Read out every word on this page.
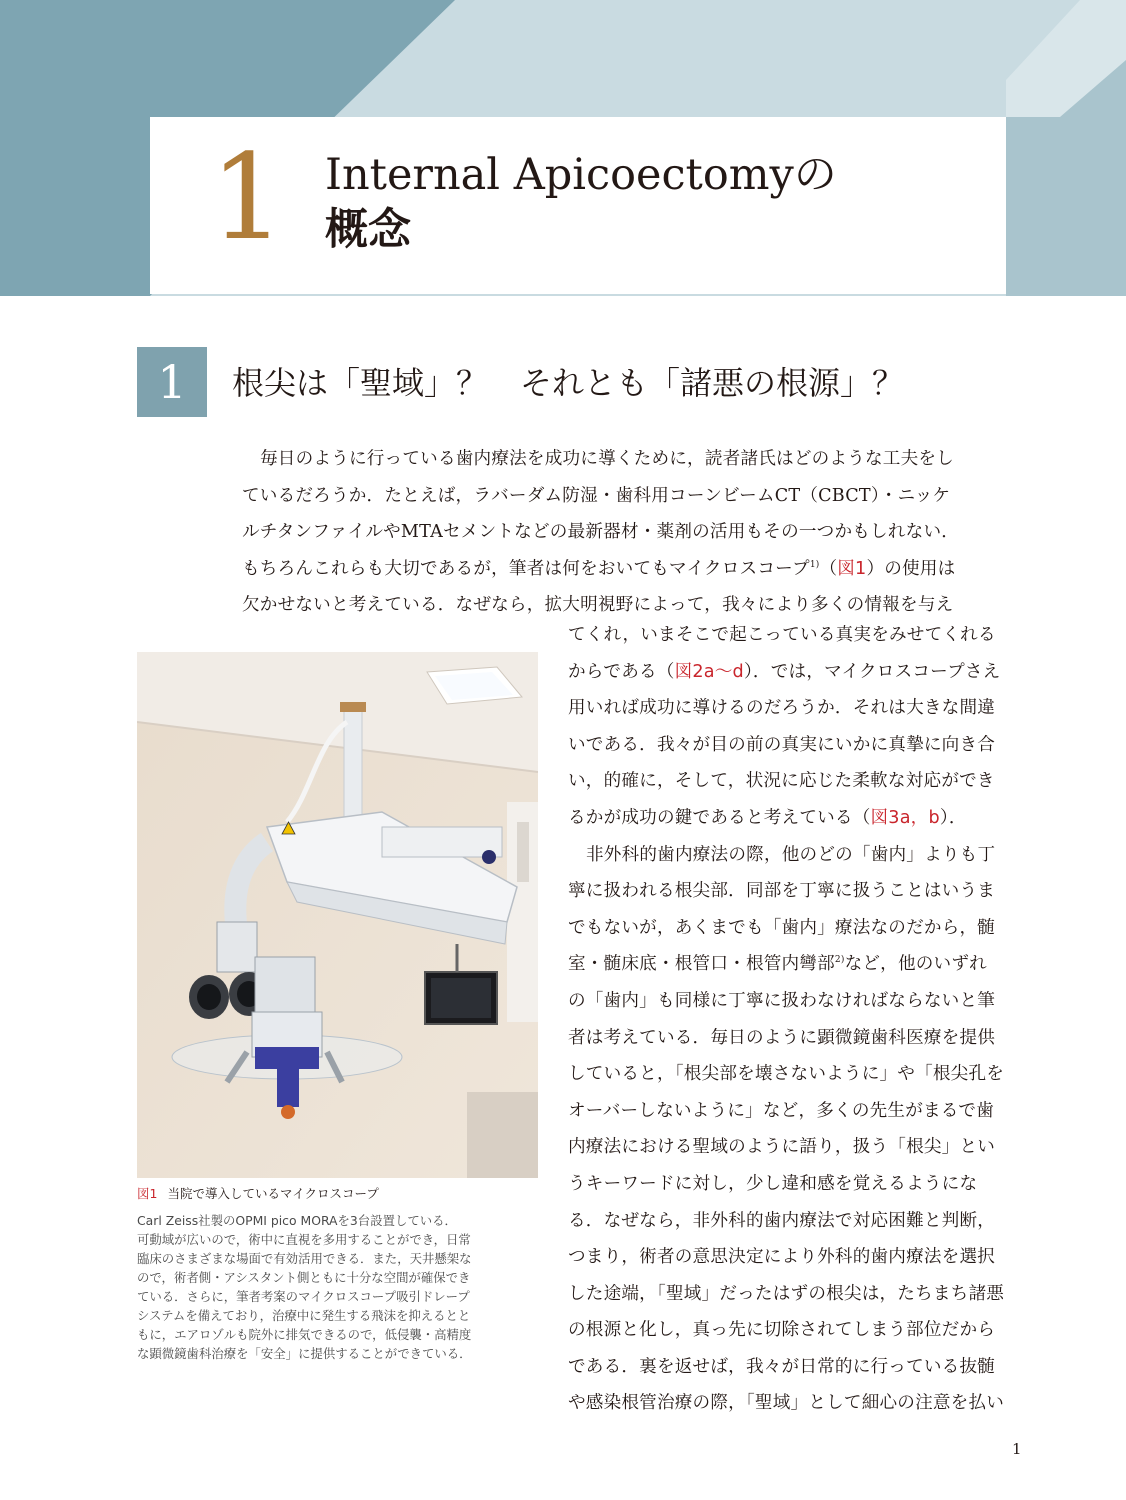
1 Internal Apicoectomyの
概念
1	根尖は「聖域」？　それとも「諸悪の根源」？
毎日のように行っている歯内療法を成功に導くために，読者諸氏はどのような工夫をし
ているだろうか．たとえば，ラバーダム防湿・歯科用コーンビームCT（CBCT）・ニッケ
ルチタンファイルやMTAセメントなどの最新器材・薬剤の活用もその一つかもしれない．
もちろんこれらも大切であるが，筆者は何をおいてもマイクロスコープ$^{1)}$（図1）の使用は
欠かせないと考えている．なぜなら，拡大明視野によって，我々により多くの情報を与え
てくれ，いまそこで起こっている真実をみせてくれる
からである（図2a〜d）．では，マイクロスコープさえ
用いれば成功に導けるのだろうか．それは大きな間違
いである．我々が目の前の真実にいかに真摯に向き合
い，的確に，そして，状況に応じた柔軟な対応ができ
るかが成功の鍵であると考えている（図3a，b）．
非外科的歯内療法の際，他のどの「歯内」よりも丁
寧に扱われる根尖部．同部を丁寧に扱うことはいうま
でもないが，あくまでも「歯内」療法なのだから，髄
室・髄床底・根管口・根管内彎部$^{2)}$など，他のいずれ
の「歯内」も同様に丁寧に扱わなければならないと筆
者は考えている．毎日のように顕微鏡歯科医療を提供
していると，「根尖部を壊さないように」や「根尖孔を
オーバーしないように」など，多くの先生がまるで歯
内療法における聖域のように語り，扱う「根尖」とい
うキーワードに対し，少し違和感を覚えるようにな
る．なぜなら，非外科的歯内療法で対応困難と判断，
つまり，術者の意思決定により外科的歯内療法を選択
した途端，「聖域」だったはずの根尖は，たちまち諸悪
の根源と化し，真っ先に切除されてしまう部位だから
である．裏を返せば，我々が日常的に行っている抜髄
や感染根管治療の際，「聖域」として細心の注意を払い
図1 当院で導入しているマイクロスコープ
Carl Zeiss社製のOPMI pico MORAを3台設置している．
可動域が広いので，術中に直視を多用することができ，日常
臨床のさまざまな場面で有効活用できる．また，天井懸架な
ので，術者側・アシスタント側ともに十分な空間が確保でき
ている．さらに，筆者考案のマイクロスコープ吸引ドレープ
システムを備えており，治療中に発生する飛沫を抑えるとと
もに，エアロゾルも院外に排気できるので，低侵襲・高精度
な顕微鏡歯科治療を「安全」に提供することができている．
1
